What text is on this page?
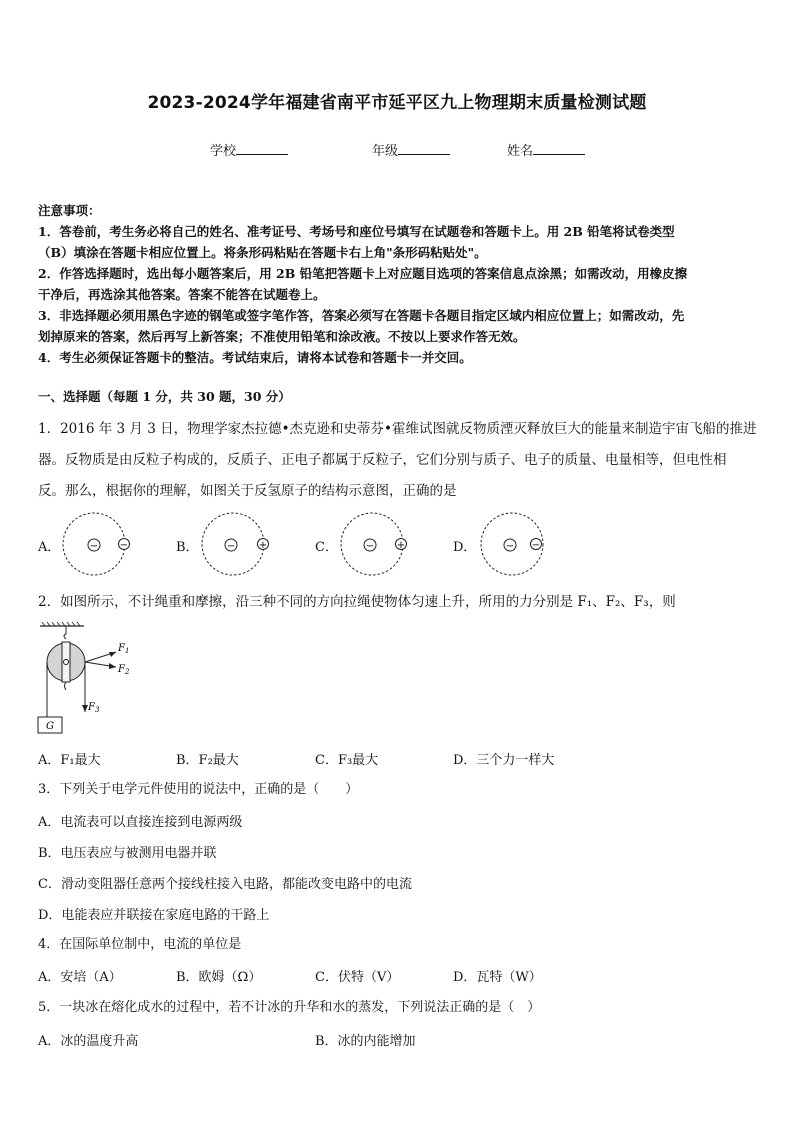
2023-2024学年福建省南平市延平区九上物理期末质量检测试题
学校	年级	姓名
注意事项：
1．答卷前，考生务必将自己的姓名、准考证号、考场号和座位号填写在试题卷和答题卡上。用 2B 铅笔将试卷类型
（B）填涂在答题卡相应位置上。将条形码粘贴在答题卡右上角"条形码粘贴处"。
2．作答选择题时，选出每小题答案后，用 2B 铅笔把答题卡上对应题目选项的答案信息点涂黑；如需改动，用橡皮擦
干净后，再选涂其他答案。答案不能答在试题卷上。
3．非选择题必须用黑色字迹的钢笔或签字笔作答，答案必须写在答题卡各题目指定区域内相应位置上；如需改动，先
划掉原来的答案，然后再写上新答案；不准使用铅笔和涂改液。不按以上要求作答无效。
4．考生必须保证答题卡的整洁。考试结束后，请将本试卷和答题卡一并交回。
一、选择题（每题 1 分，共 30 题，30 分）
1．2016 年 3 月 3 日，物理学家杰拉德•杰克逊和史蒂芬•霍维试图就反物质湮灭释放巨大的能量来制造宇宙飞船的推进
器。反物质是由反粒子构成的，反质子、正电子都属于反粒子，它们分别与质子、电子的质量、电量相等，但电性相
反。那么，根据你的理解，如图关于反氢原子的结构示意图，正确的是
A．	B．	C．	D．
− −	− +	− +	− −
2．如图所示，不计绳重和摩擦，沿三种不同的方向拉绳使物体匀速上升，所用的力分别是 F₁、F₂、F₃，则
$F_1$
$F_2$
$F_3$
G
A．F₁最大	B．F₂最大	C．F₃最大	D．三个力一样大
3．下列关于电学元件使用的说法中，正确的是（　　）
A．电流表可以直接连接到电源两级
B．电压表应与被测用电器并联
C．滑动变阻器任意两个接线柱接入电路，都能改变电路中的电流
D．电能表应并联接在家庭电路的干路上
4．在国际单位制中，电流的单位是
A．安培（A）	B．欧姆（Ω）	C．伏特（V）	D．瓦特（W）
5．一块冰在熔化成水的过程中，若不计冰的升华和水的蒸发，下列说法正确的是（　）
A．冰的温度升高	B．冰的内能增加
